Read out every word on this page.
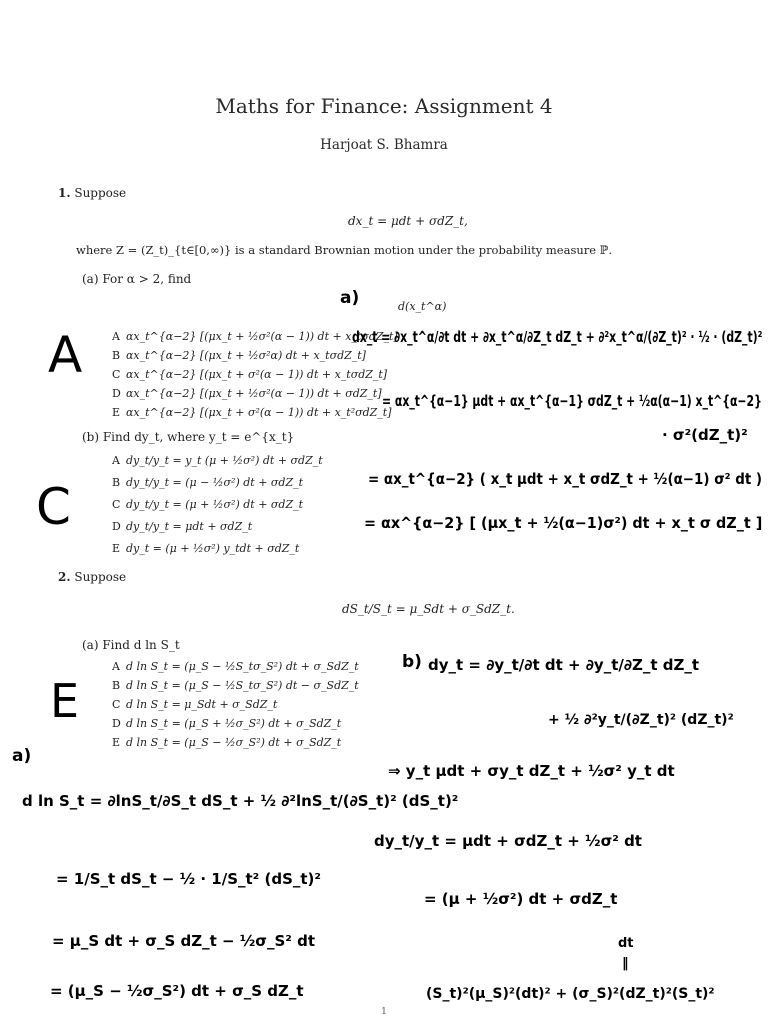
Maths for Finance: Assignment 4
Harjoat S. Bhamra
1. Suppose
dx_t = μdt + σdZ_t,
where Z = (Z_t)_{t∈[0,∞)} is a standard Brownian motion under the probability measure ℙ.
(a) For α > 2, find
d(x_t^α)
A αx_t^{α−2} [(μx_t + ½σ²(α − 1)) dt + x_tσdZ_t]
B αx_t^{α−2} [(μx_t + ½σ²α) dt + x_tσdZ_t]
C αx_t^{α−2} [(μx_t + σ²(α − 1)) dt + x_tσdZ_t]
D αx_t^{α−2} [(μx_t + ½σ²(α − 1)) dt + σdZ_t]
E αx_t^{α−2} [(μx_t + σ²(α − 1)) dt + x_t²σdZ_t]
(b) Find dy_t, where y_t = e^{x_t}
A dy_t/y_t = y_t (μ + ½σ²) dt + σdZ_t
B dy_t/y_t = (μ − ½σ²) dt + σdZ_t
C dy_t/y_t = (μ + ½σ²) dt + σdZ_t
D dy_t/y_t = μdt + σdZ_t
E dy_t = (μ + ½σ²) y_tdt + σdZ_t
2. Suppose
dS_t/S_t = μ_Sdt + σ_SdZ_t.
(a) Find d ln S_t
A d ln S_t = (μ_S − ½S_tσ_S²) dt + σ_SdZ_t
B d ln S_t = (μ_S − ½S_tσ_S²) dt − σ_SdZ_t
C d ln S_t = μ_Sdt + σ_SdZ_t
D d ln S_t = (μ_S + ½σ_S²) dt + σ_SdZ_t
E d ln S_t = (μ_S − ½σ_S²) dt + σ_SdZ_t
A
C
E
a)
dx_t = ∂x_t^α/∂t dt + ∂x_t^α/∂Z_t dZ_t + ∂²x_t^α/(∂Z_t)² · ½ · (dZ_t)²
= αx_t^{α−1} μdt + αx_t^{α−1} σdZ_t + ½α(α−1) x_t^{α−2}
· σ²(dZ_t)²
= αx_t^{α−2} ( x_t μdt + x_t σdZ_t + ½(α−1) σ² dt )
= αx^{α−2} [ (μx_t + ½(α−1)σ²) dt + x_t σ dZ_t ]
b) dy_t = ∂y_t/∂t dt + ∂y_t/∂Z_t dZ_t
+ ½ ∂²y_t/(∂Z_t)² (dZ_t)²
⇒ y_t μdt + σy_t dZ_t + ½σ² y_t dt
dy_t/y_t = μdt + σdZ_t + ½σ² dt
= (μ + ½σ²) dt + σdZ_t
a)
d ln S_t = ∂lnS_t/∂S_t dS_t + ½ ∂²lnS_t/(∂S_t)² (dS_t)²
= 1/S_t dS_t − ½ · 1/S_t² (dS_t)²
= μ_S dt + σ_S dZ_t − ½σ_S² dt
= (μ_S − ½σ_S²) dt + σ_S dZ_t
dt
‖
(S_t)²(μ_S)²(dt)² + (σ_S)²(dZ_t)²(S_t)²
1
